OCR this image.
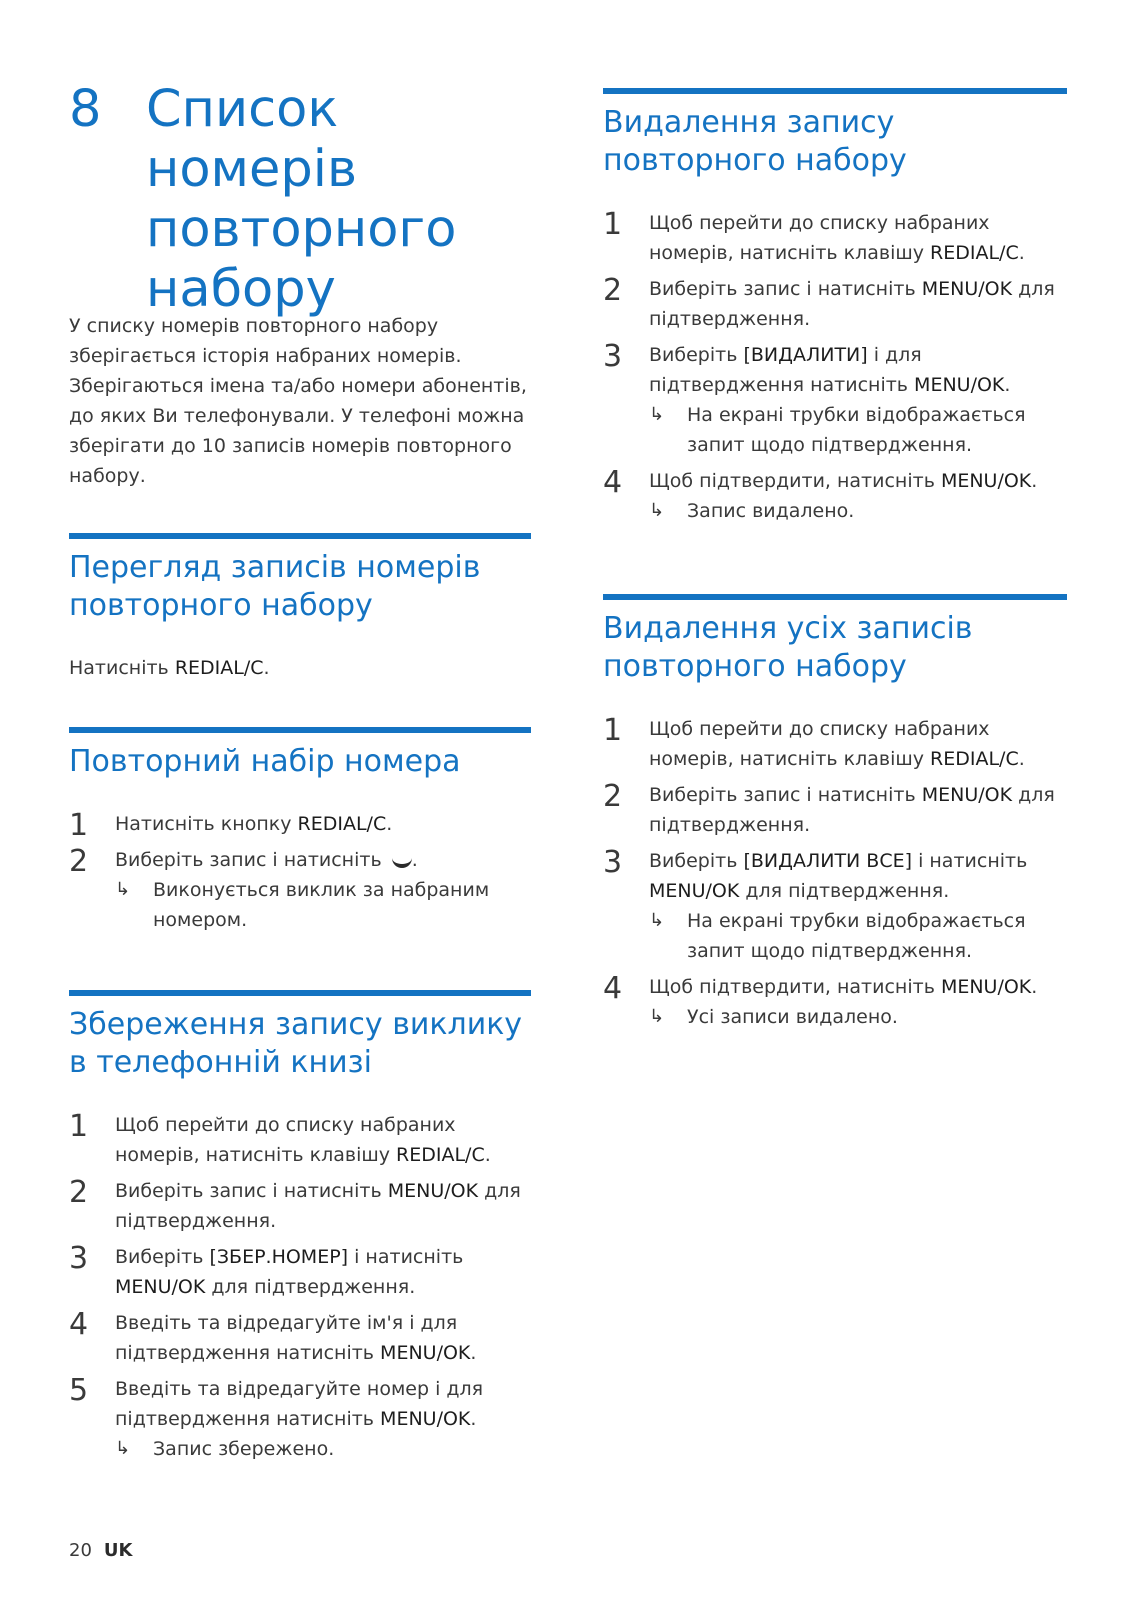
8 Список номерів повторного набору
У списку номерів повторного набору зберігається історія набраних номерів. Зберігаються імена та/або номери абонентів, до яких Ви телефонували. У телефоні можна зберігати до 10 записів номерів повторного набору.
Перегляд записів номерів повторного набору
Натисніть REDIAL/C.
Повторний набір номера
1 Натисніть кнопку REDIAL/C.
2 Виберіть запис і натисніть .
↳ Виконується виклик за набраним номером.
Збереження запису виклику в телефонній книзі
1 Щоб перейти до списку набраних номерів, натисніть клавішу REDIAL/C.
2 Виберіть запис і натисніть MENU/OK для підтвердження.
3 Виберіть [ЗБЕР.НОМЕР] і натисніть MENU/OK для підтвердження.
4 Введіть та відредагуйте ім'я і для підтвердження натисніть MENU/OK.
5 Введіть та відредагуйте номер і для підтвердження натисніть MENU/OK.
↳ Запис збережено.
Видалення запису повторного набору
1 Щоб перейти до списку набраних номерів, натисніть клавішу REDIAL/C.
2 Виберіть запис і натисніть MENU/OK для підтвердження.
3 Виберіть [ВИДАЛИТИ] і для підтвердження натисніть MENU/OK.
↳ На екрані трубки відображається запит щодо підтвердження.
4 Щоб підтвердити, натисніть MENU/OK.
↳ Запис видалено.
Видалення усіх записів повторного набору
1 Щоб перейти до списку набраних номерів, натисніть клавішу REDIAL/C.
2 Виберіть запис і натисніть MENU/OK для підтвердження.
3 Виберіть [ВИДАЛИТИ ВСЕ] і натисніть MENU/OK для підтвердження.
↳ На екрані трубки відображається запит щодо підтвердження.
4 Щоб підтвердити, натисніть MENU/OK.
↳ Усі записи видалено.
20 UK
